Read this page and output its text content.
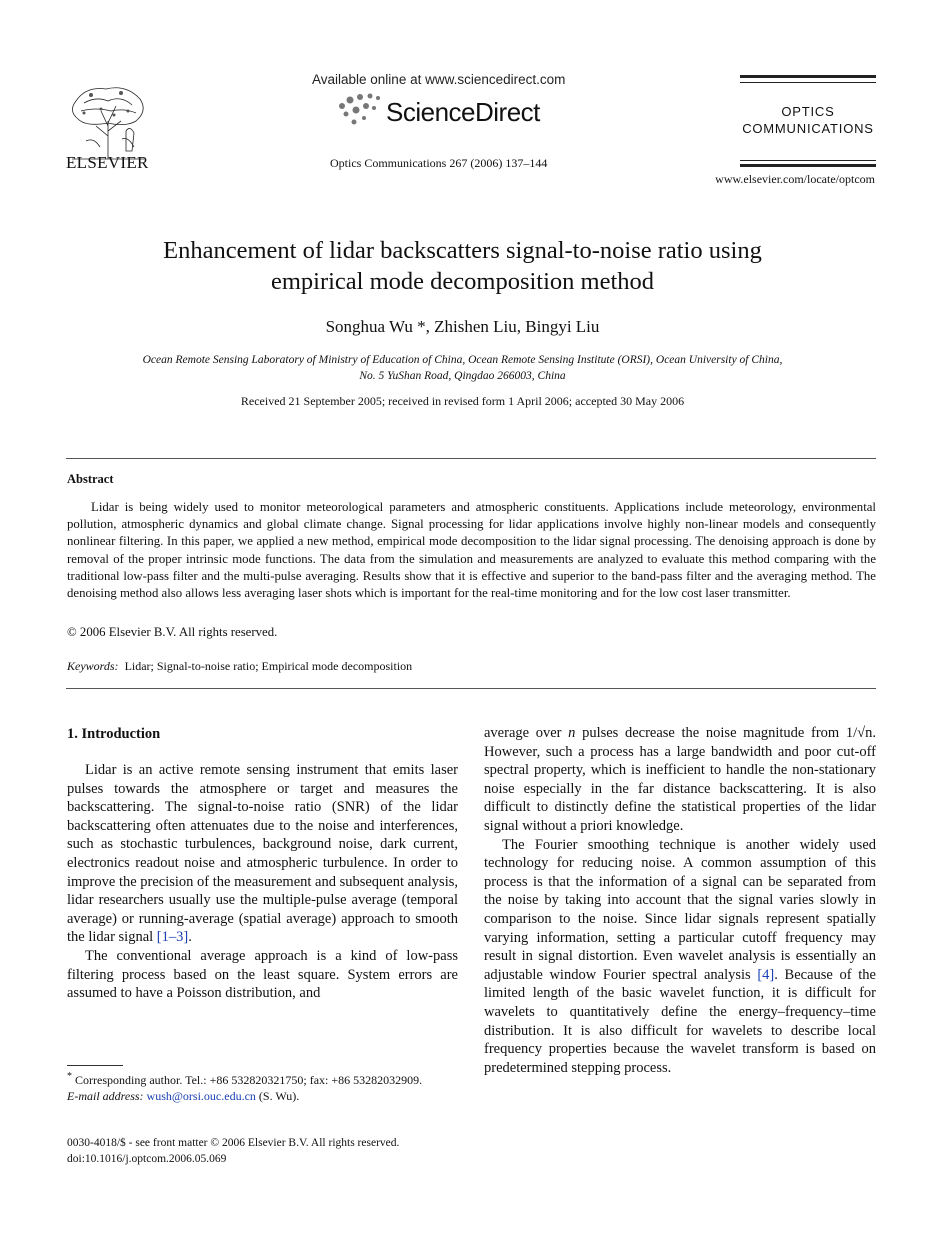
ELSEVIER
Available online at www.sciencedirect.com
ScienceDirect
Optics Communications 267 (2006) 137–144
OPTICS
COMMUNICATIONS
www.elsevier.com/locate/optcom
Enhancement of lidar backscatters signal-to-noise ratio using
empirical mode decomposition method
Songhua Wu *, Zhishen Liu, Bingyi Liu
Ocean Remote Sensing Laboratory of Ministry of Education of China, Ocean Remote Sensing Institute (ORSI), Ocean University of China,
No. 5 YuShan Road, Qingdao 266003, China
Received 21 September 2005; received in revised form 1 April 2006; accepted 30 May 2006
Abstract
Lidar is being widely used to monitor meteorological parameters and atmospheric constituents. Applications include meteorology, environmental pollution, atmospheric dynamics and global climate change. Signal processing for lidar applications involve highly non-linear models and consequently nonlinear filtering. In this paper, we applied a new method, empirical mode decomposition to the lidar signal processing. The denoising approach is done by removal of the proper intrinsic mode functions. The data from the simulation and measurements are analyzed to evaluate this method comparing with the traditional low-pass filter and the multi-pulse averaging. Results show that it is effective and superior to the band-pass filter and the averaging method. The denoising method also allows less averaging laser shots which is important for the real-time monitoring and for the low cost laser transmitter.
© 2006 Elsevier B.V. All rights reserved.
Keywords: Lidar; Signal-to-noise ratio; Empirical mode decomposition
1. Introduction

Lidar is an active remote sensing instrument that emits laser pulses towards the atmosphere or target and measures the backscattering. The signal-to-noise ratio (SNR) of the lidar backscattering often attenuates due to the noise and interferences, such as stochastic turbulences, background noise, dark current, electronics readout noise and atmospheric turbulence. In order to improve the precision of the measurement and subsequent analysis, lidar researchers usually use the multiple-pulse average (temporal average) or running-average (spatial average) approach to smooth the lidar signal [1–3].

The conventional average approach is a kind of low-pass filtering process based on the least square. System errors are assumed to have a Poisson distribution, and

average over n pulses decrease the noise magnitude from 1/√n. However, such a process has a large bandwidth and poor cut-off spectral property, which is inefficient to handle the non-stationary noise especially in the far distance backscattering. It is also difficult to distinctly define the statistical properties of the lidar signal without a priori knowledge.

The Fourier smoothing technique is another widely used technology for reducing noise. A common assumption of this process is that the information of a signal can be separated from the noise by taking into account that the signal varies slowly in comparison to the noise. Since lidar signals represent spatially varying information, setting a particular cutoff frequency may result in signal distortion. Even wavelet analysis is essentially an adjustable window Fourier spectral analysis [4]. Because of the limited length of the basic wavelet function, it is difficult for wavelets to quantitatively define the energy–frequency–time distribution. It is also difficult for wavelets to describe local frequency properties because the wavelet transform is based on predetermined stepping process.

* Corresponding author. Tel.: +86 532820321750; fax: +86 53282032909.
E-mail address: wush@orsi.ouc.edu.cn (S. Wu).
0030-4018/$ - see front matter © 2006 Elsevier B.V. All rights reserved.
doi:10.1016/j.optcom.2006.05.069
